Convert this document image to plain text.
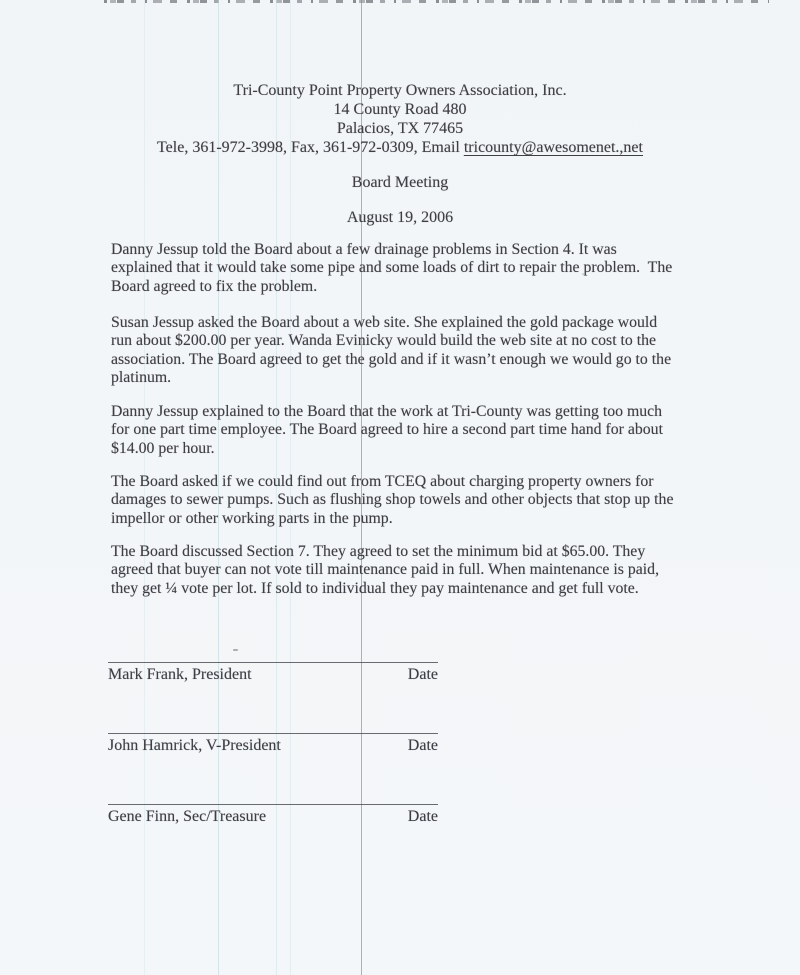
Tri-County Point Property Owners Association, Inc.
14 County Road 480
Palacios, TX 77465
Tele, 361-972-3998, Fax, 361-972-0309, Email tricounty@awesomenet.,net
Board Meeting
August 19, 2006
Danny Jessup told the Board about a few drainage problems in Section 4. It was
explained that it would take some pipe and some loads of dirt to repair the problem.  The
Board agreed to fix the problem.
Susan Jessup asked the Board about a web site. She explained the gold package would
run about $200.00 per year. Wanda Evinicky would build the web site at no cost to the
association. The Board agreed to get the gold and if it wasn’t enough we would go to the
platinum.
Danny Jessup explained to the Board that the work at Tri-County was getting too much
for one part time employee. The Board agreed to hire a second part time hand for about
$14.00 per hour.
The Board asked if we could find out from TCEQ about charging property owners for
damages to sewer pumps. Such as flushing shop towels and other objects that stop up the
impellor or other working parts in the pump.
The Board discussed Section 7. They agreed to set the minimum bid at $65.00. They
agreed that buyer can not vote till maintenance paid in full. When maintenance is paid,
they get ¼ vote per lot. If sold to individual they pay maintenance and get full vote.
Mark Frank, President	Date
John Hamrick, V-President	Date
Gene Finn, Sec/Treasure	Date
